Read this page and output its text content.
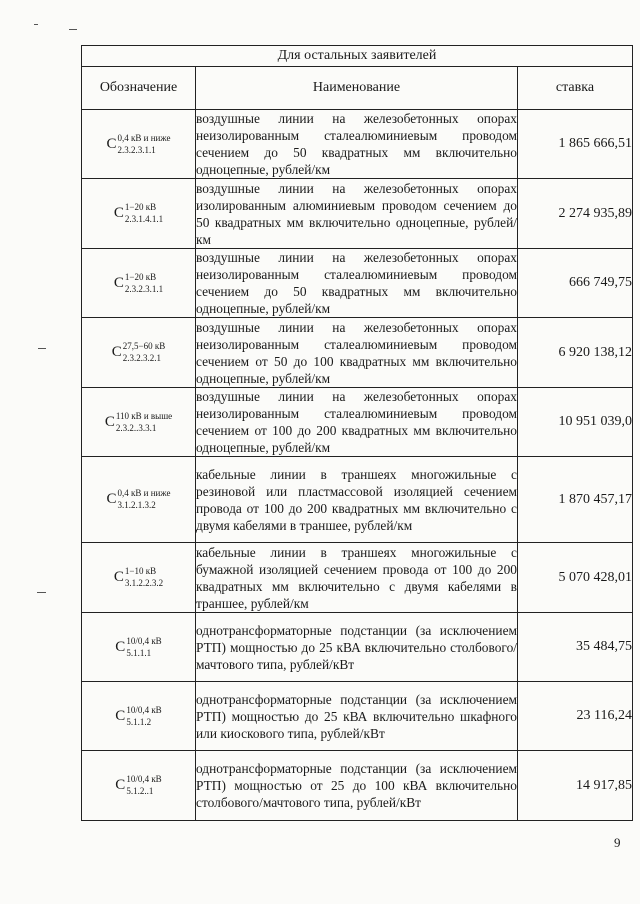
Для остальных заявителей		
Обозначение	Наименование	ставка

C 0,4 кВ и ниже
2.3.2.3.1.1	воздушные линии на железобетонных опорах неизолированным сталеалюминиевым проводом сечением до 50 квадратных мм включительно одноцепные, рублей/км	1 865 666,51

C 1−20 кВ
2.3.1.4.1.1	воздушные линии на железобетонных опорах изолированным алюминиевым проводом сечением до 50 квадратных мм включительно одноцепные, рублей/км	2 274 935,89

C 1−20 кВ
2.3.2.3.1.1	воздушные линии на железобетонных опорах неизолированным сталеалюминиевым проводом сечением до 50 квадратных мм включительно одноцепные, рублей/км	666 749,75

C 27,5−60 кВ
2.3.2.3.2.1	воздушные линии на железобетонных опорах неизолированным сталеалюминиевым проводом сечением от 50 до 100 квадратных мм включительно одноцепные, рублей/км	6 920 138,12

C 110 кВ и выше
2.3.2..3.3.1	воздушные линии на железобетонных опорах неизолированным сталеалюминиевым проводом сечением от 100 до 200 квадратных мм включительно одноцепные, рублей/км	10 951 039,0

C 0,4 кВ и ниже
3.1.2.1.3.2	кабельные линии в траншеях многожильные с резиновой или пластмассовой изоляцией сечением провода от 100 до 200 квадратных мм включительно с двумя кабелями в траншее, рублей/км	1 870 457,17

C 1−10 кВ
3.1.2.2.3.2	кабельные линии в траншеях многожильные с бумажной изоляцией сечением провода от 100 до 200 квадратных мм включительно с двумя кабелями в траншее, рублей/км	5 070 428,01

C 10/0,4 кВ
5.1.1.1	однотрансформаторные подстанции (за исключением РТП) мощностью до 25 кВА включительно столбового/мачтового типа, рублей/кВт	35 484,75

C 10/0,4 кВ
5.1.1.2	однотрансформаторные подстанции (за исключением РТП) мощностью до 25 кВА включительно шкафного или киоскового типа, рублей/кВт	23 116,24

C 10/0,4 кВ
5.1.2..1	однотрансформаторные подстанции (за исключением РТП) мощностью от 25 до 100 кВА включительно столбового/мачтового типа, рублей/кВт	14 917,85
9
